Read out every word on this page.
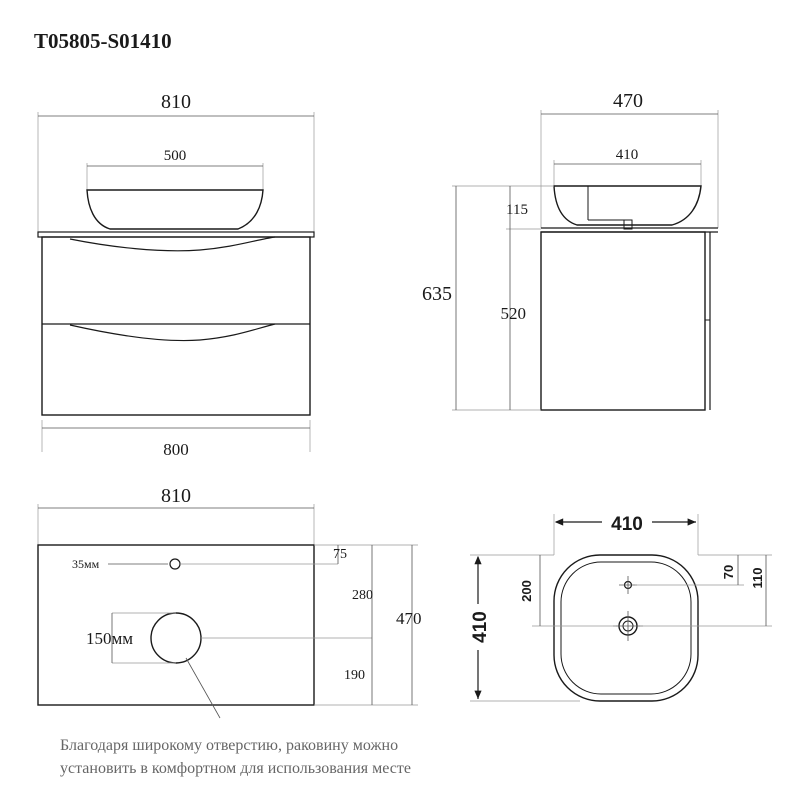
T05805-S01410
810
500
800
470
410
635
115
520
810
35мм
150мм
75
280
190
470
410
410
200
70 110
Благодаря широкому отверстию, раковину можно
установить в комфортном для использования месте
